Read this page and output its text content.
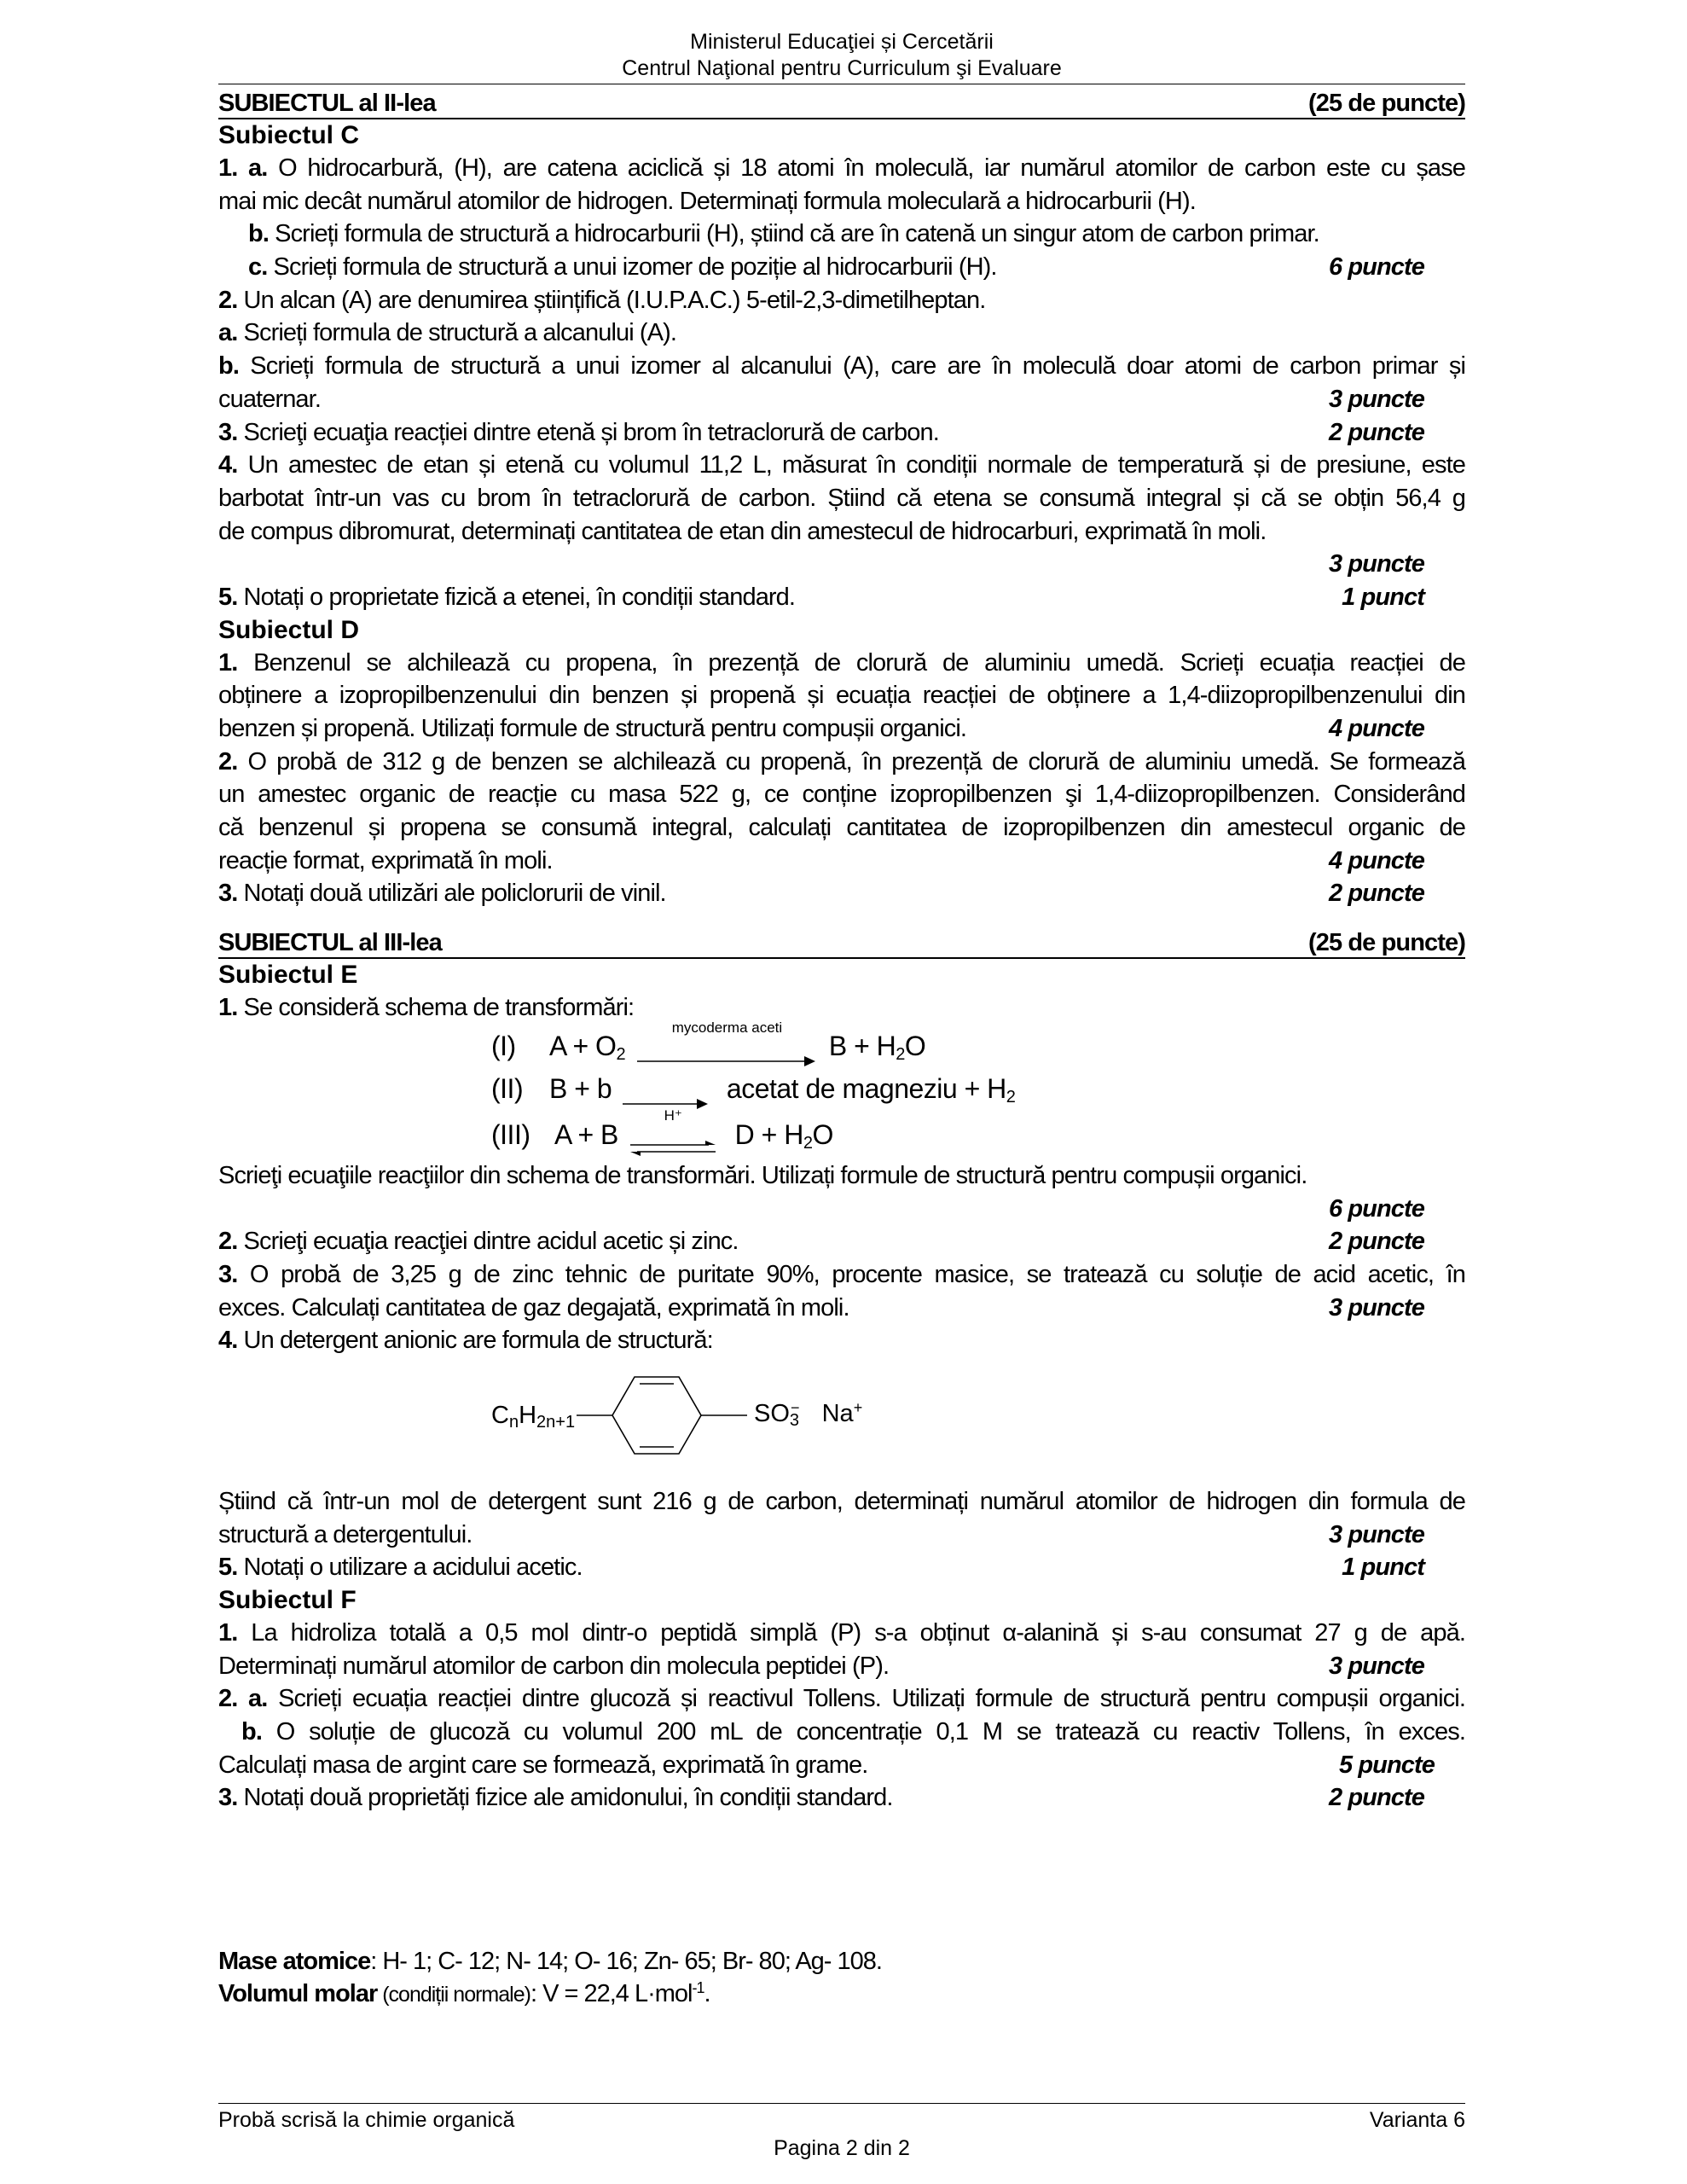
Ministerul Educaţiei și Cercetării
Centrul Naţional pentru Curriculum şi Evaluare
SUBIECTUL al II-lea	(25 de puncte)
Subiectul C
1. a. O hidrocarbură, (H), are catena aciclică și 18 atomi în moleculă, iar numărul atomilor de carbon este cu șase
mai mic decât numărul atomilor de hidrogen. Determinați formula moleculară a hidrocarburii (H).
b. Scrieți formula de structură a hidrocarburii (H), știind că are în catenă un singur atom de carbon primar.
c. Scrieți formula de structură a unui izomer de poziție al hidrocarburii (H).	6 puncte
2. Un alcan (A) are denumirea științifică (I.U.P.A.C.) 5-etil-2,3-dimetilheptan.
a. Scrieți formula de structură a alcanului (A).
b. Scrieți formula de structură a unui izomer al alcanului (A), care are în moleculă doar atomi de carbon primar și
cuaternar.	3 puncte
3. Scrieţi ecuaţia reacției dintre etenă și brom în tetraclorură de carbon.	2 puncte
4. Un amestec de etan și etenă cu volumul 11,2 L, măsurat în condiții normale de temperatură și de presiune, este
barbotat într-un vas cu brom în tetraclorură de carbon. Știind că etena se consumă integral și că se obțin 56,4 g
de compus dibromurat, determinați cantitatea de etan din amestecul de hidrocarburi, exprimată în moli.
3 puncte
5. Notați o proprietate fizică a etenei, în condiții standard.	1 punct
Subiectul D
1. Benzenul se alchilează cu propena, în prezență de clorură de aluminiu umedă. Scrieți ecuația reacției de
obținere a izopropilbenzenului din benzen și propenă și ecuația reacției de obținere a 1,4-diizopropilbenzenului din
benzen și propenă. Utilizați formule de structură pentru compușii organici.	4 puncte
2. O probă de 312 g de benzen se alchilează cu propenă, în prezență de clorură de aluminiu umedă. Se formează
un amestec organic de reacție cu masa 522 g, ce conține izopropilbenzen şi 1,4-diizopropilbenzen. Considerând
că benzenul și propena se consumă integral, calculați cantitatea de izopropilbenzen din amestecul organic de
reacție format, exprimată în moli.	4 puncte
3. Notați două utilizări ale policlorurii de vinil.	2 puncte
SUBIECTUL al III-lea	(25 de puncte)
Subiectul E
1. Se consideră schema de transformări:
(I) $A + O_2$
mycoderma aceti
$B + H_2O$
(II) B + b → acetat de magneziu + $H_2$
(III) A + B
H⁺
$D + H_2O$
Scrieţi ecuaţiile reacţiilor din schema de transformări. Utilizați formule de structură pentru compușii organici.
6 puncte
2. Scrieţi ecuaţia reacţiei dintre acidul acetic și zinc.	2 puncte
3. O probă de 3,25 g de zinc tehnic de puritate 90%, procente masice, se tratează cu soluție de acid acetic, în
exces. Calculați cantitatea de gaz degajată, exprimată în moli.	3 puncte
4. Un detergent anionic are formula de structură:
$C_nH_{2n+1}$	$SO_3^-$ Na+
Știind că într-un mol de detergent sunt 216 g de carbon, determinați numărul atomilor de hidrogen din formula de
structură a detergentului.	3 puncte
5. Notați o utilizare a acidului acetic.	1 punct
Subiectul F
1. La hidroliza totală a 0,5 mol dintr-o peptidă simplă (P) s-a obținut α-alanină și s-au consumat 27 g de apă.
Determinați numărul atomilor de carbon din molecula peptidei (P).	3 puncte
2. a. Scrieți ecuația reacției dintre glucoză și reactivul Tollens. Utilizați formule de structură pentru compușii organici.
b. O soluție de glucoză cu volumul 200 mL de concentrație 0,1 M se tratează cu reactiv Tollens, în exces.
Calculați masa de argint care se formează, exprimată în grame.	5 puncte
3. Notați două proprietăți fizice ale amidonului, în condiții standard.	2 puncte
Mase atomice: H- 1; C- 12; N- 14; O- 16; Zn- 65; Br- 80; Ag- 108.
Volumul molar (condiții normale): V = 22,4 L·mol$^{-1}$.
Probă scrisă la chimie organică	Varianta 6
Pagina 2 din 2
